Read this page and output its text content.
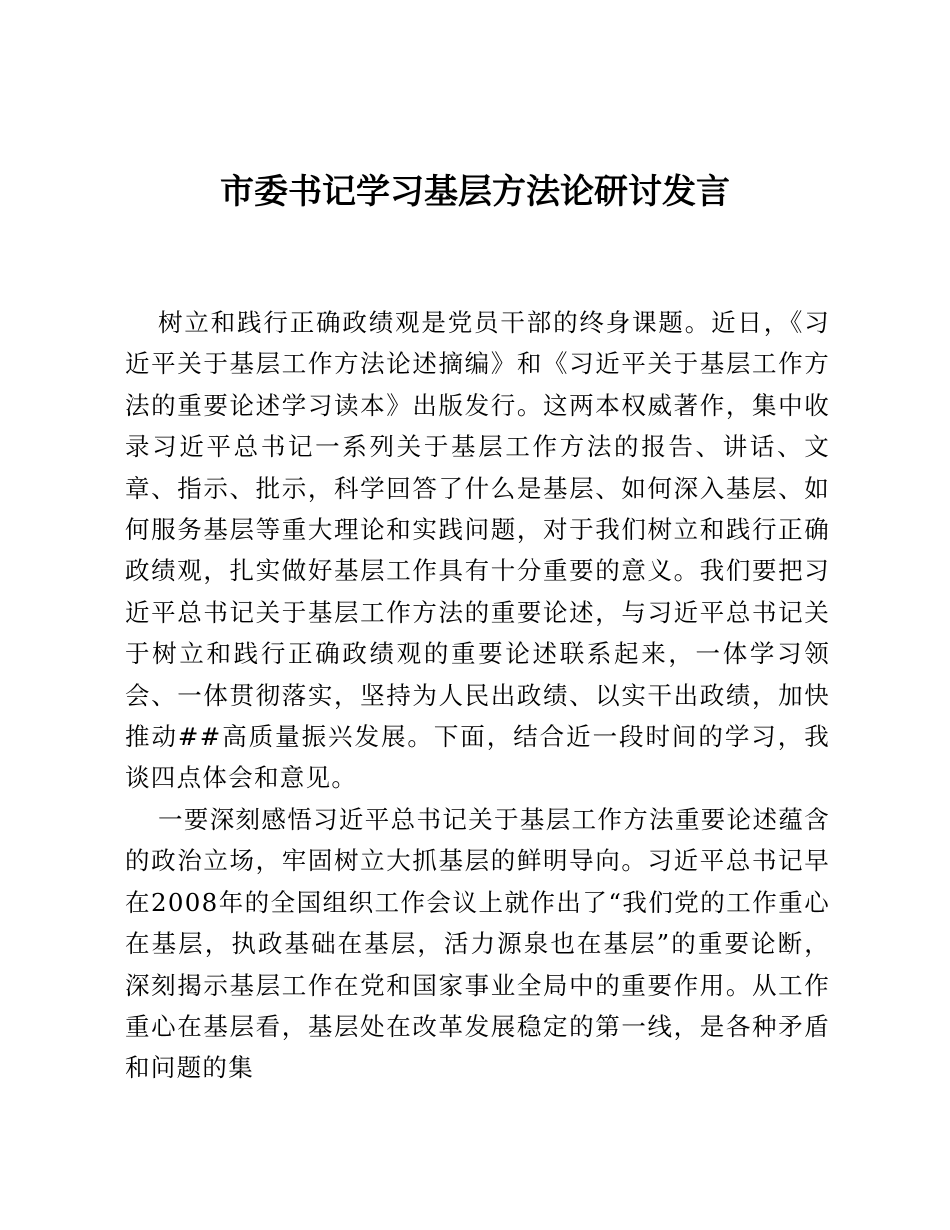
市委书记学习基层方法论研讨发言

树立和践行正确政绩观是党员干部的终身课题。近日，《习近平关于基层工作方法论述摘编》和《习近平关于基层工作方法的重要论述学习读本》出版发行。这两本权威著作，集中收录习近平总书记一系列关于基层工作方法的报告、讲话、文章、指示、批示，科学回答了什么是基层、如何深入基层、如何服务基层等重大理论和实践问题，对于我们树立和践行正确政绩观，扎实做好基层工作具有十分重要的意义。我们要把习近平总书记关于基层工作方法的重要论述，与习近平总书记关于树立和践行正确政绩观的重要论述联系起来，一体学习领会、一体贯彻落实，坚持为人民出政绩、以实干出政绩，加快推动##高质量振兴发展。下面，结合近一段时间的学习，我谈四点体会和意见。

一要深刻感悟习近平总书记关于基层工作方法重要论述蕴含的政治立场，牢固树立大抓基层的鲜明导向。习近平总书记早在2008年的全国组织工作会议上就作出了“我们党的工作重心在基层，执政基础在基层，活力源泉也在基层”的重要论断，深刻揭示基层工作在党和国家事业全局中的重要作用。从工作重心在基层看，基层处在改革发展稳定的第一线，是各种矛盾和问题的集
